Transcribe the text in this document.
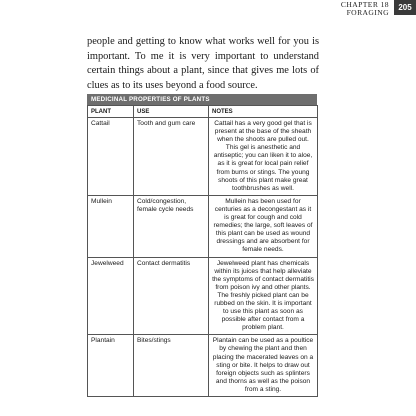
CHAPTER 18
FORAGING
205

people and getting to know what works well for you is important. To me it is very important to understand certain things about a plant, since that gives me lots of clues as to its uses beyond a food source.

MEDICINAL PROPERTIES OF PLANTS
PLANT	USE	NOTES
Cattail	Tooth and gum care	Cattail has a very good gel that is present at the base of the sheath when the shoots are pulled out. This gel is anesthetic and antiseptic; you can liken it to aloe, as it is great for local pain relief from burns or stings. The young shoots of this plant make great toothbrushes as well.
Mullein	Cold/congestion, female cycle needs	Mullein has been used for centuries as a decongestant as it is great for cough and cold remedies; the large, soft leaves of this plant can be used as wound dressings and are absorbent for female needs.
Jewelweed	Contact dermatitis	Jewelweed plant has chemicals within its juices that help alleviate the symptoms of contact dermatitis from poison ivy and other plants. The freshly picked plant can be rubbed on the skin. It is important to use this plant as soon as possible after contact from a problem plant.
Plantain	Bites/stings	Plantain can be used as a poultice by chewing the plant and then placing the macerated leaves on a sting or bite. It helps to draw out foreign objects such as splinters and thorns as well as the poison from a sting.
